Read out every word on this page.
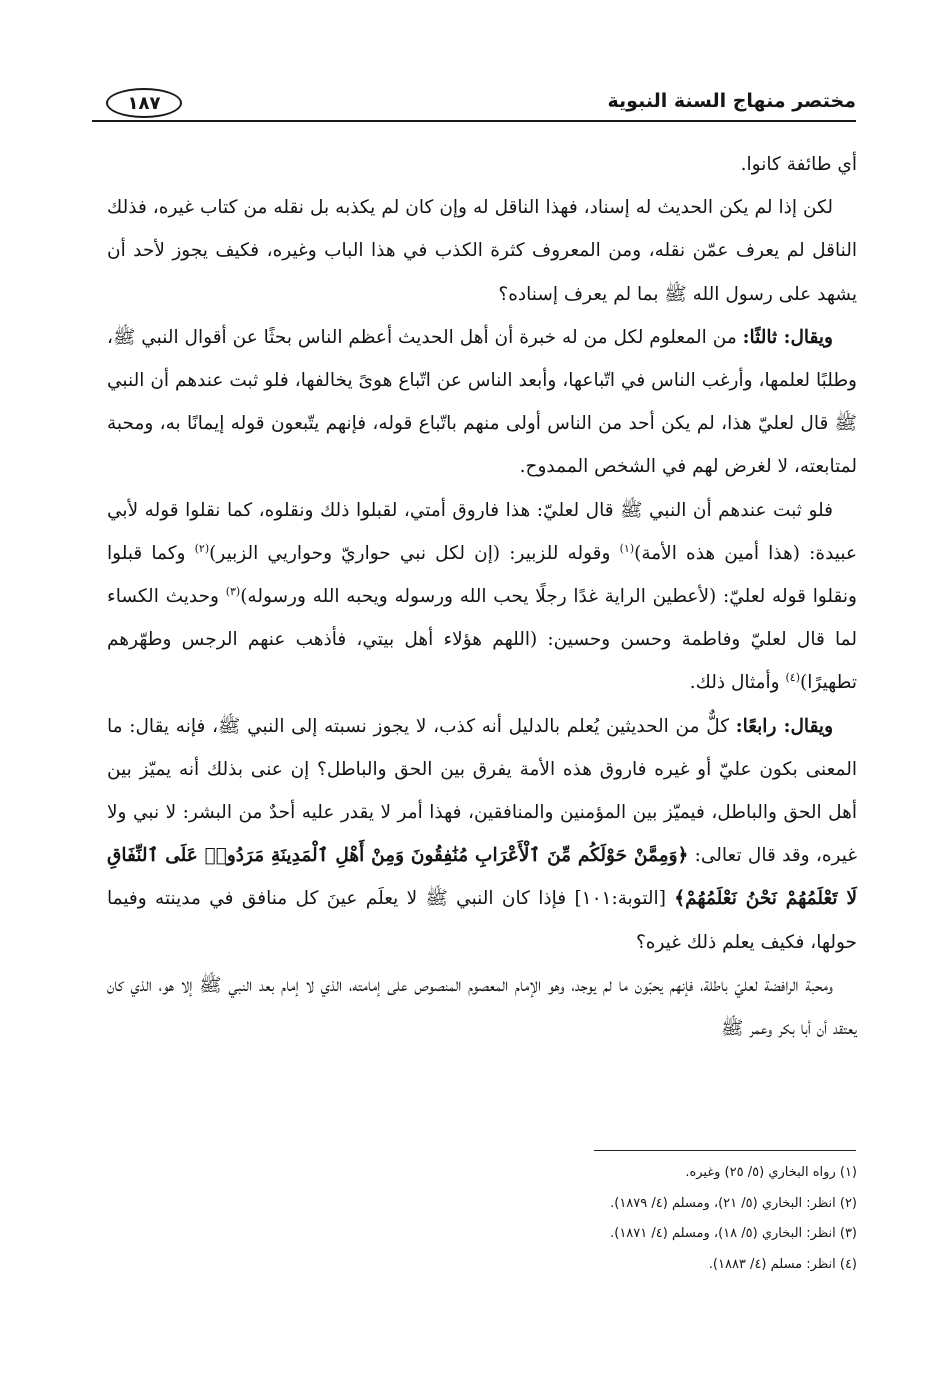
مختصر منهاج السنة النبوية
١٨٧

أي طائفة كانوا.

لكن إذا لم يكن الحديث له إسناد، فهذا الناقل له وإن كان لم يكذبه بل نقله من كتاب غيره، فذلك الناقل لم يعرف عمّن نقله، ومن المعروف كثرة الكذب في هذا الباب وغيره، فكيف يجوز لأحد أن يشهد على رسول الله ﷺ بما لم يعرف إسناده؟

ويقال: ثالثًا: من المعلوم لكل من له خبرة أن أهل الحديث أعظم الناس بحثًا عن أقوال النبي ﷺ، وطلبًا لعلمها، وأرغب الناس في اتّباعها، وأبعد الناس عن اتّباع هوىً يخالفها، فلو ثبت عندهم أن النبي ﷺ قال لعليّ هذا، لم يكن أحد من الناس أولى منهم باتّباع قوله، فإنهم يتّبعون قوله إيمانًا به، ومحبة لمتابعته، لا لغرض لهم في الشخص الممدوح.

فلو ثبت عندهم أن النبي ﷺ قال لعليّ: هذا فاروق أمتي، لقبلوا ذلك ونقلوه، كما نقلوا قوله لأبي عبيدة: (هذا أمين هذه الأمة)$^{(١)}$ وقوله للزبير: (إن لكل نبي حواريّ وحواريي الزبير)$^{(٢)}$ وكما قبلوا ونقلوا قوله لعليّ: (لأعطين الراية غدًا رجلًا يحب الله ورسوله ويحبه الله ورسوله)$^{(٣)}$ وحديث الكساء لما قال لعليّ وفاطمة وحسن وحسين: (اللهم هؤلاء أهل بيتي، فأذهب عنهم الرجس وطهّرهم تطهيرًا)$^{(٤)}$ وأمثال ذلك.

ويقال: رابعًا: كلٌّ من الحديثين يُعلم بالدليل أنه كذب، لا يجوز نسبته إلى النبي ﷺ، فإنه يقال: ما المعنى بكون عليّ أو غيره فاروق هذه الأمة يفرق بين الحق والباطل؟ إن عنى بذلك أنه يميّز بين أهل الحق والباطل، فيميّز بين المؤمنين والمنافقين، فهذا أمر لا يقدر عليه أحدٌ من البشر: لا نبي ولا غيره، وقد قال تعالى: ﴿وَمِمَّنْ حَوْلَكُم مِّنَ ٱلْأَعْرَابِ مُنَٰفِقُونَ وَمِنْ أَهْلِ ٱلْمَدِينَةِ مَرَدُوا۟ عَلَى ٱلنِّفَاقِ لَا تَعْلَمُهُمْ نَحْنُ نَعْلَمُهُمْ﴾ [التوبة:١٠١] فإذا كان النبي ﷺ لا يعلَم عينَ كل منافق في مدينته وفيما حولها، فكيف يعلم ذلك غيره؟

ومحبة الرافضة لعليّ باطلة، فإنهم يحبّون ما لم يوجد، وهو الإمام المعصوم المنصوص على إمامته، الذي لا إمام بعد النبي ﷺ إلا هو، الذي كان يعتقد أن أبا بكر وعمر ﷺ

(١) رواه البخاري (٥/ ٢٥) وغيره.
(٢) انظر: البخاري (٥/ ٢١)، ومسلم (٤/ ١٨٧٩).
(٣) انظر: البخاري (٥/ ١٨)، ومسلم (٤/ ١٨٧١).
(٤) انظر: مسلم (٤/ ١٨٨٣).
